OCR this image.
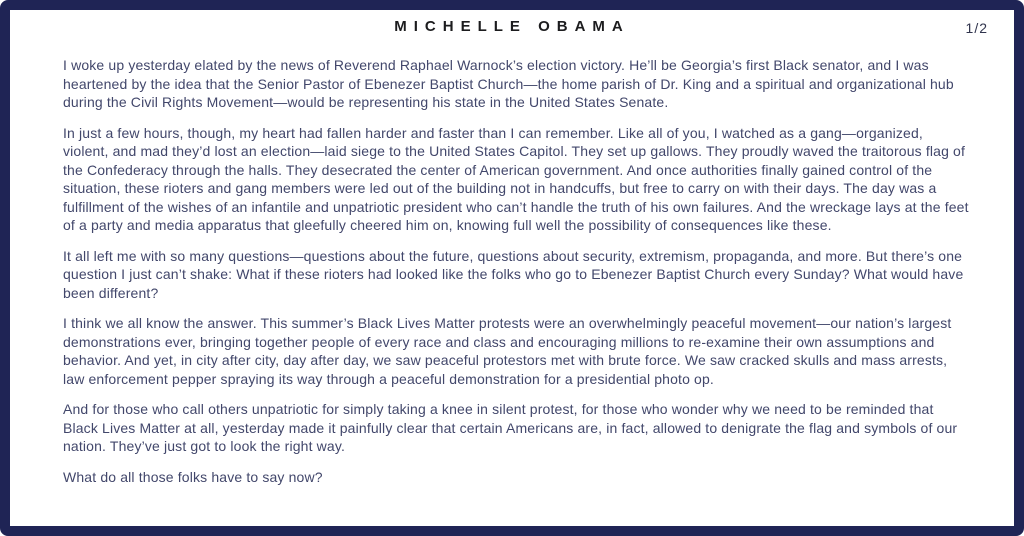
MICHELLE OBAMA	1/2

I woke up yesterday elated by the news of Reverend Raphael Warnock’s election victory. He’ll be Georgia’s first Black senator, and I was heartened by the idea that the Senior Pastor of Ebenezer Baptist Church—the home parish of Dr. King and a spiritual and organizational hub during the Civil Rights Movement—would be representing his state in the United States Senate.

In just a few hours, though, my heart had fallen harder and faster than I can remember. Like all of you, I watched as a gang—organized, violent, and mad they’d lost an election—laid siege to the United States Capitol. They set up gallows. They proudly waved the traitorous flag of the Confederacy through the halls. They desecrated the center of American government. And once authorities finally gained control of the situation, these rioters and gang members were led out of the building not in handcuffs, but free to carry on with their days. The day was a fulfillment of the wishes of an infantile and unpatriotic president who can’t handle the truth of his own failures. And the wreckage lays at the feet of a party and media apparatus that gleefully cheered him on, knowing full well the possibility of consequences like these.

It all left me with so many questions—questions about the future, questions about security, extremism, propaganda, and more. But there’s one question I just can’t shake: What if these rioters had looked like the folks who go to Ebenezer Baptist Church every Sunday? What would have been different?

I think we all know the answer. This summer’s Black Lives Matter protests were an overwhelmingly peaceful movement—our nation’s largest demonstrations ever, bringing together people of every race and class and encouraging millions to re-examine their own assumptions and behavior. And yet, in city after city, day after day, we saw peaceful protestors met with brute force. We saw cracked skulls and mass arrests, law enforcement pepper spraying its way through a peaceful demonstration for a presidential photo op.

And for those who call others unpatriotic for simply taking a knee in silent protest, for those who wonder why we need to be reminded that Black Lives Matter at all, yesterday made it painfully clear that certain Americans are, in fact, allowed to denigrate the flag and symbols of our nation. They’ve just got to look the right way.

What do all those folks have to say now?
